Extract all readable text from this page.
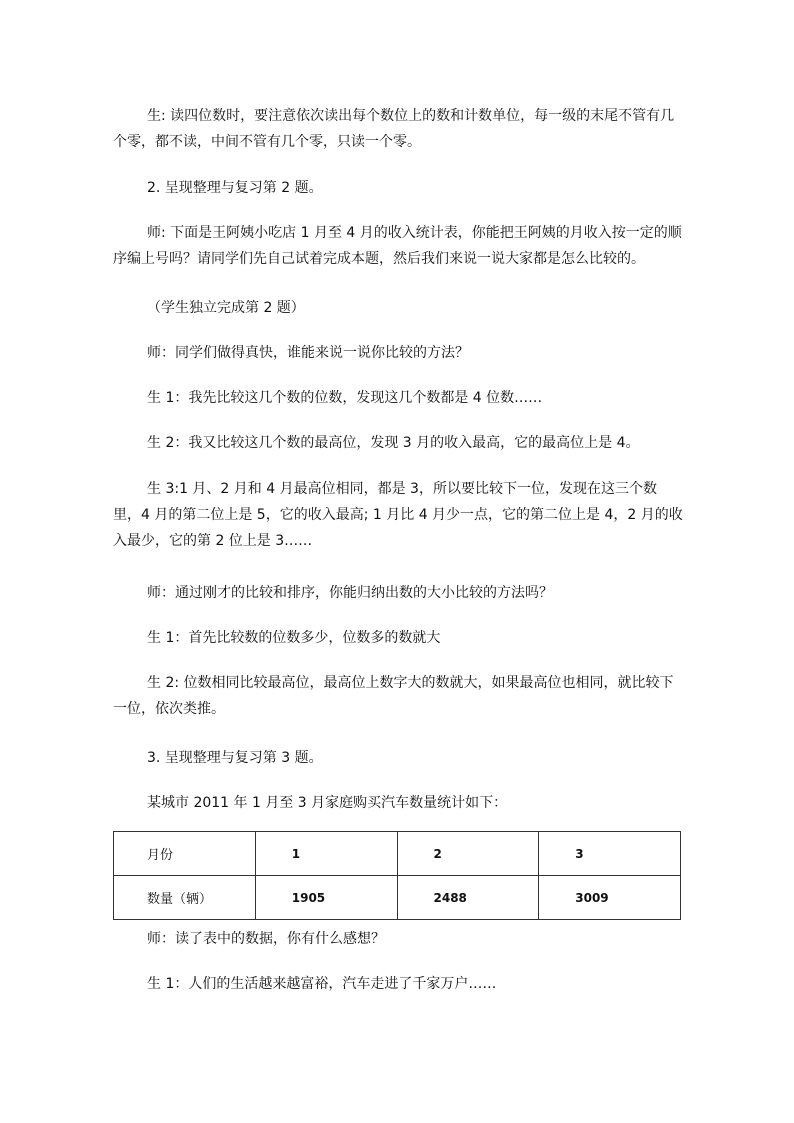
生: 读四位数时，要注意依次读出每个数位上的数和计数单位，每一级的末尾不管有几个零，都不读，中间不管有几个零，只读一个零。

2. 呈现整理与复习第 2 题。

师: 下面是王阿姨小吃店 1 月至 4 月的收入统计表，你能把王阿姨的月收入按一定的顺序编上号吗？请同学们先自己试着完成本题，然后我们来说一说大家都是怎么比较的。

（学生独立完成第 2 题）

师：同学们做得真快，谁能来说一说你比较的方法？

生 1：我先比较这几个数的位数，发现这几个数都是 4 位数……

生 2：我又比较这几个数的最高位，发现 3 月的收入最高，它的最高位上是 4。

生 3:1 月、2 月和 4 月最高位相同，都是 3，所以要比较下一位，发现在这三个数里，4 月的第二位上是 5，它的收入最高; 1 月比 4 月少一点，它的第二位上是 4，2 月的收入最少，它的第 2 位上是 3……

师：通过刚才的比较和排序，你能归纳出数的大小比较的方法吗？

生 1：首先比较数的位数多少，位数多的数就大

生 2: 位数相同比较最高位，最高位上数字大的数就大，如果最高位也相同，就比较下一位，依次类推。

3. 呈现整理与复习第 3 题。

某城市 2011 年 1 月至 3 月家庭购买汽车数量统计如下：

月份	1	2	3
数量（辆）	1905	2488	3009

师：读了表中的数据，你有什么感想？

生 1：人们的生活越来越富裕，汽车走进了千家万户……
